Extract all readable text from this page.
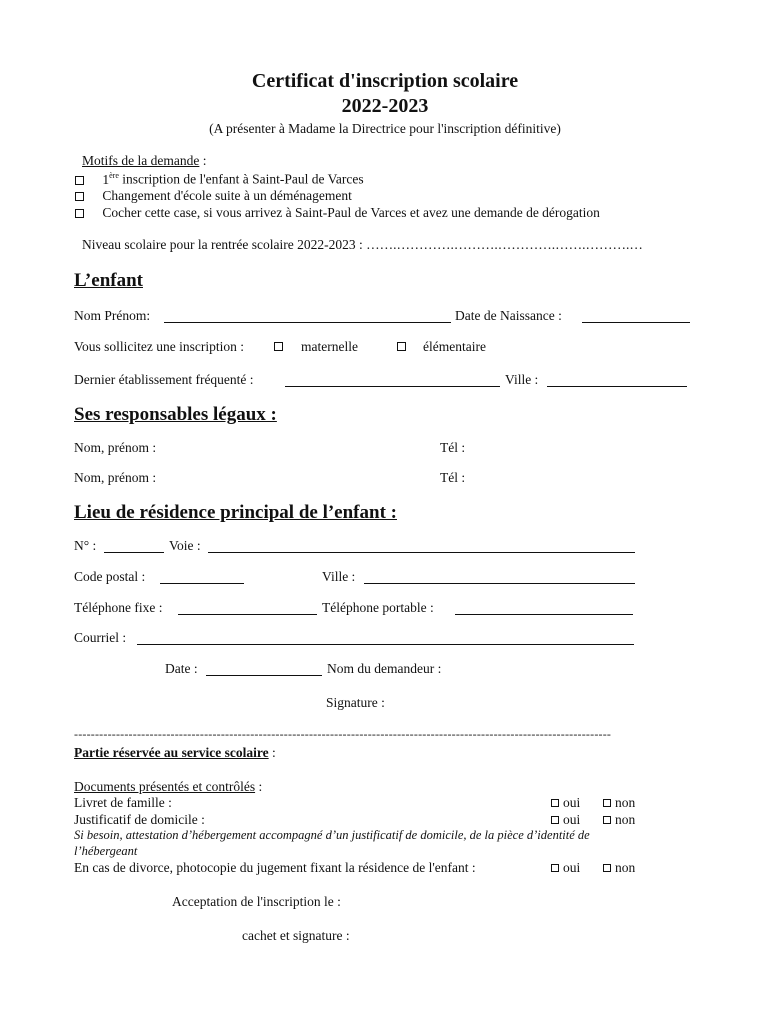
Certificat d'inscription scolaire
2022-2023
(A présenter à Madame la Directrice pour l'inscription définitive)
Motifs de la demande :
1ère inscription de l'enfant à Saint-Paul de Varces
Changement d'école suite à un déménagement
Cocher cette case, si vous arrivez à Saint-Paul de Varces et avez une demande de dérogation
Niveau scolaire pour la rentrée scolaire 2022-2023 : …….………….……….………….…….……….…
L’enfant
Nom Prénom:	Date de Naissance :
Vous sollicitez une inscription :	maternelle	élémentaire
Dernier établissement fréquenté :	Ville :
Ses responsables légaux :
Nom, prénom :	Tél :
Nom, prénom :	Tél :
Lieu de résidence principal de l’enfant :
N° :	Voie :
Code postal :	Ville :
Téléphone fixe :	Téléphone portable :
Courriel :
Date :	Nom du demandeur :
Signature :
--------------------------------------------------------------------------------------------------------------------------------
Partie réservée au service scolaire :
Documents présentés et contrôlés :
Livret de famille :	oui	non
Justificatif de domicile :	oui	non
Si besoin, attestation d’hébergement accompagné d’un justificatif de domicile, de la pièce d’identité de
l’hébergeant
En cas de divorce, photocopie du jugement fixant la résidence de l'enfant :	oui	non
Acceptation de l'inscription le :
cachet et signature :
